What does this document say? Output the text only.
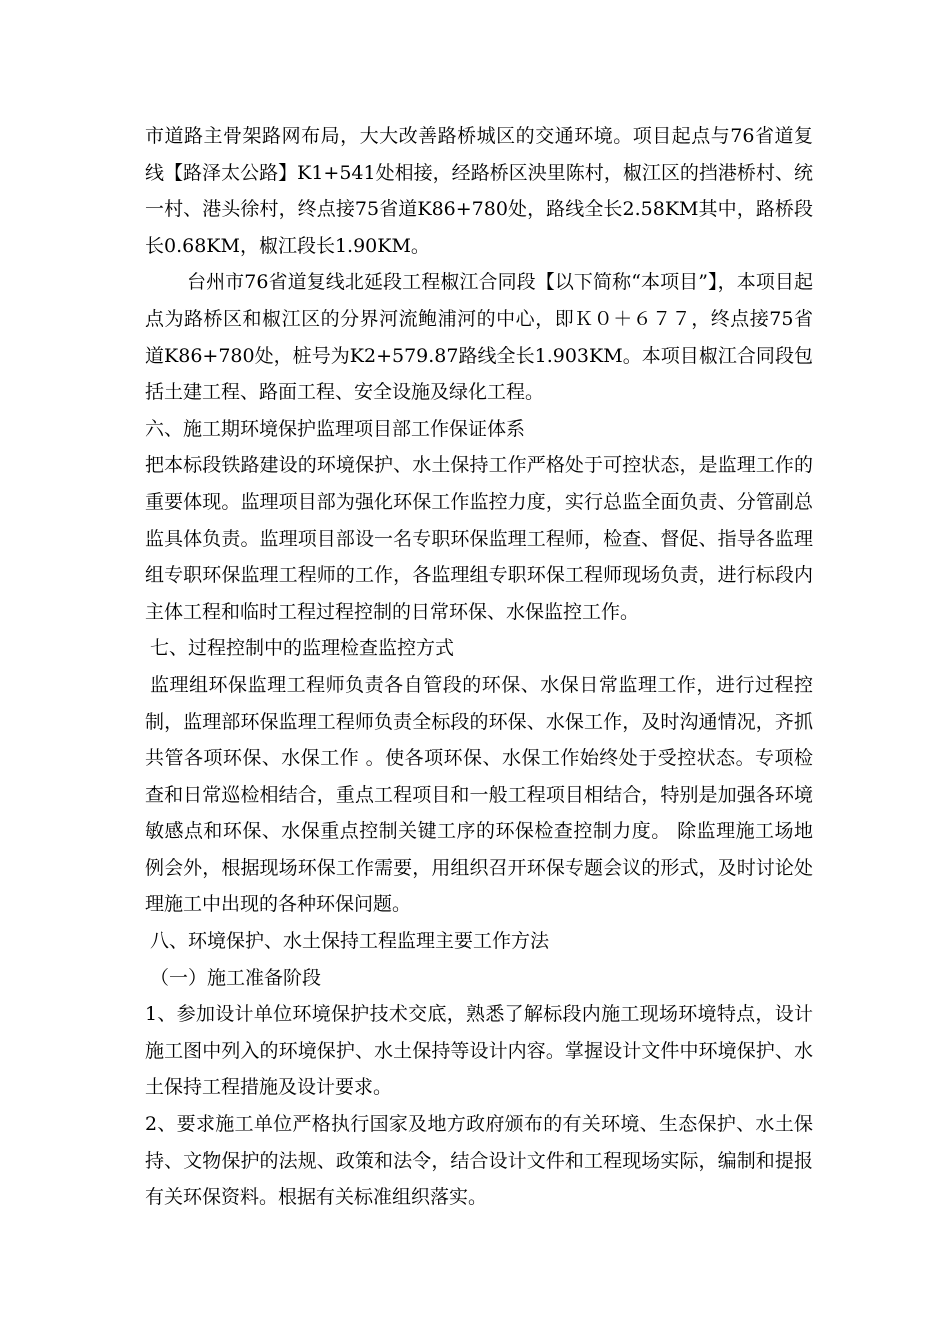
市道路主骨架路网布局，大大改善路桥城区的交通环境。项目起点与76省道复线【路泽太公路】K1+541处相接，经路桥区泱里陈村，椒江区的挡港桥村、统一村、港头徐村，终点接75省道K86+780处，路线全长2.58KM其中，路桥段长0.68KM，椒江段长1.90KM。

台州市76省道复线北延段工程椒江合同段【以下简称“本项目”】，本项目起点为路桥区和椒江区的分界河流鲍浦河的中心，即Ｋ０＋６７７，终点接75省道K86+780处，桩号为K2+579.87路线全长1.903KM。本项目椒江合同段包括土建工程、路面工程、安全设施及绿化工程。

六、施工期环境保护监理项目部工作保证体系

把本标段铁路建设的环境保护、水土保持工作严格处于可控状态，是监理工作的重要体现。监理项目部为强化环保工作监控力度，实行总监全面负责、分管副总监具体负责。监理项目部设一名专职环保监理工程师，检查、督促、指导各监理组专职环保监理工程师的工作，各监理组专职环保工程师现场负责，进行标段内主体工程和临时工程过程控制的日常环保、水保监控工作。

七、过程控制中的监理检查监控方式

监理组环保监理工程师负责各自管段的环保、水保日常监理工作，进行过程控制，监理部环保监理工程师负责全标段的环保、水保工作，及时沟通情况，齐抓共管各项环保、水保工作 。使各项环保、水保工作始终处于受控状态。专项检查和日常巡检相结合，重点工程项目和一般工程项目相结合，特别是加强各环境敏感点和环保、水保重点控制关键工序的环保检查控制力度。 除监理施工场地例会外，根据现场环保工作需要，用组织召开环保专题会议的形式，及时讨论处理施工中出现的各种环保问题。

八、环境保护、水土保持工程监理主要工作方法

（一）施工准备阶段

1、参加设计单位环境保护技术交底，熟悉了解标段内施工现场环境特点，设计施工图中列入的环境保护、水土保持等设计内容。掌握设计文件中环境保护、水土保持工程措施及设计要求。

2、要求施工单位严格执行国家及地方政府颁布的有关环境、生态保护、水土保持、文物保护的法规、政策和法令，结合设计文件和工程现场实际，编制和提报有关环保资料。根据有关标准组织落实。
